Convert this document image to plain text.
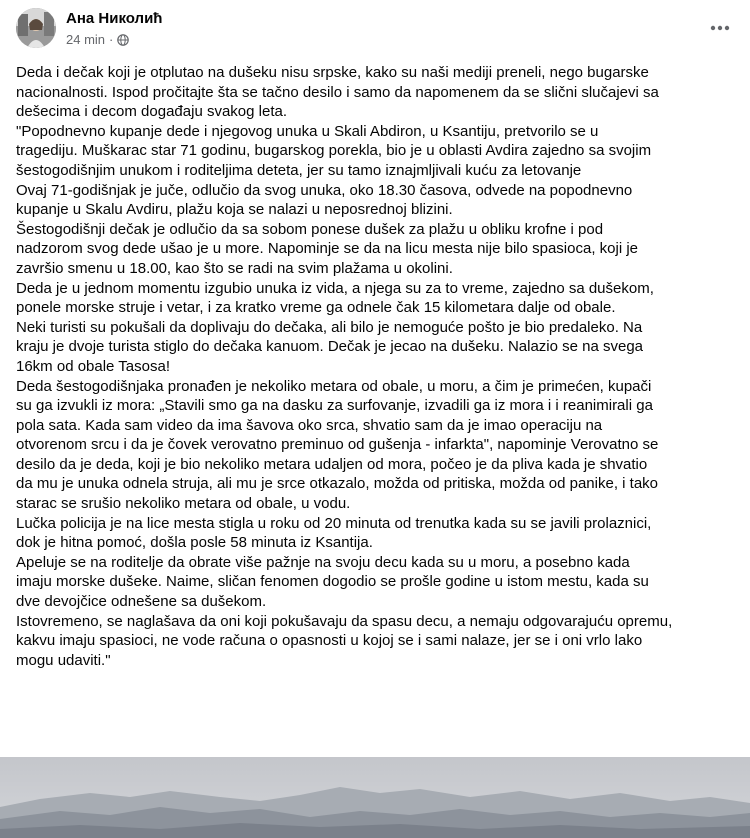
Ана Николић
24 min ·
Deda i dečak koji je otplutao na dušeku nisu srpske, kako su naši mediji preneli, nego bugarske
nacionalnosti. Ispod pročitajte šta se tačno desilo i samo da napomenem da se slični slučajevi sa
dešecima i decom događaju svakog leta.
"Popodnevno kupanje dede i njegovog unuka u Skali Abdiron, u Ksantiju, pretvorilo se u
tragediju. Muškarac star 71 godinu, bugarskog porekla, bio je u oblasti Avdira zajedno sa svojim
šestogodišnjim unukom i roditeljima deteta, jer su tamo iznajmljivali kuću za letovanje
Ovaj 71-godišnjak je juče, odlučio da svog unuka, oko 18.30 časova, odvede na popodnevno
kupanje u Skalu Avdiru, plažu koja se nalazi u neposrednoj blizini.
Šestogodišnji dečak je odlučio da sa sobom ponese dušek za plažu u obliku krofne i pod
nadzorom svog dede ušao je u more. Napominje se da na licu mesta nije bilo spasioca, koji je
završio smenu u 18.00, kao što se radi na svim plažama u okolini.
Deda je u jednom momentu izgubio unuka iz vida, a njega su za to vreme, zajedno sa dušekom,
ponele morske struje i vetar, i za kratko vreme ga odnele čak 15 kilometara dalje od obale.
Neki turisti su pokušali da doplivaju do dečaka, ali bilo je nemoguće pošto je bio predaleko. Na
kraju je dvoje turista stiglo do dečaka kanuom. Dečak je jecao na dušeku. Nalazio se na svega
16km od obale Tasosa!
Deda šestogodišnjaka pronađen je nekoliko metara od obale, u moru, a čim je primećen, kupači
su ga izvukli iz mora: „Stavili smo ga na dasku za surfovanje, izvadili ga iz mora i i reanimirali ga
pola sata. Kada sam video da ima šavova oko srca, shvatio sam da je imao operaciju na
otvorenom srcu i da je čovek verovatno preminuo od gušenja - infarkta", napominje Verovatno se
desilo da je deda, koji je bio nekoliko metara udaljen od mora, počeo je da pliva kada je shvatio
da mu je unuka odnela struja, ali mu je srce otkazalo, možda od pritiska, možda od panike, i tako
starac se srušio nekoliko metara od obale, u vodu.
Lučka policija je na lice mesta stigla u roku od 20 minuta od trenutka kada su se javili prolaznici,
dok je hitna pomoć, došla posle 58 minuta iz Ksantija.
Apeluje se na roditelje da obrate više pažnje na svoju decu kada su u moru, a posebno kada
imaju morske dušeke. Naime, sličan fenomen dogodio se prošle godine u istom mestu, kada su
dve devojčice odnešene sa dušekom.
Istovremeno, se naglašava da oni koji pokušavaju da spasu decu, a nemaju odgovarajuću opremu,
kakvu imaju spasioci, ne vode računa o opasnosti u kojoj se i sami nalaze, jer se i oni vrlo lako
mogu udaviti."
